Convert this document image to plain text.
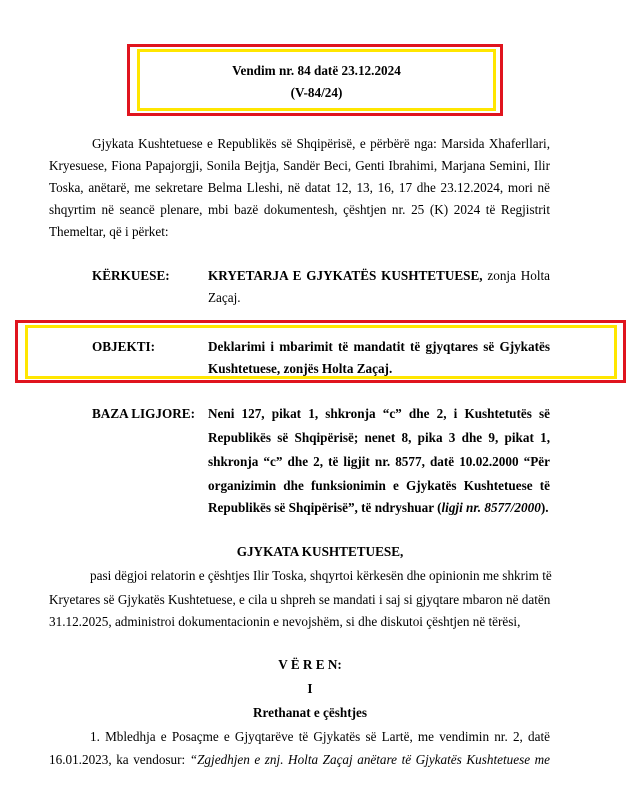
Vendim nr. 84 datë 23.12.2024
(V-84/24)
Gjykata Kushtetuese e Republikës së Shqipërisë, e përbërë nga: Marsida Xhaferllari,
Kryesuese, Fiona Papajorgji, Sonila Bejtja, Sandër Beci, Genti Ibrahimi, Marjana Semini, Ilir
Toska, anëtarë, me sekretare Belma Lleshi, në datat 12, 13, 16, 17 dhe 23.12.2024, mori në
shqyrtim në seancë plenare, mbi bazë dokumentesh, çështjen nr. 25 (K) 2024 të Regjistrit
Themeltar, që i përket:
KËRKUESE:	KRYETARJA E GJYKATËS KUSHTETUESE, zonja Holta
Zaçaj.
OBJEKTI:	Deklarimi i mbarimit të mandatit të gjyqtares së Gjykatës
Kushtetuese, zonjës Holta Zaçaj.
BAZA LIGJORE: Neni 127, pikat 1, shkronja “c” dhe 2, i Kushtetutës së
Republikës së Shqipërisë; nenet 8, pika 3 dhe 9, pikat 1,
shkronja “c” dhe 2, të ligjit nr. 8577, datë 10.02.2000 “Për
organizimin dhe funksionimin e Gjykatës Kushtetuese të
Republikës së Shqipërisë”, të ndryshuar (ligji nr. 8577/2000).
GJYKATA KUSHTETUESE,
pasi dëgjoi relatorin e çështjes Ilir Toska, shqyrtoi kërkesën dhe opinionin me shkrim të
Kryetares së Gjykatës Kushtetuese, e cila u shpreh se mandati i saj si gjyqtare mbaron në datën
31.12.2025, administroi dokumentacionin e nevojshëm, si dhe diskutoi çështjen në tërësi,
V Ë R E N:
I
Rrethanat e çështjes
1. Mbledhja e Posaçme e Gjyqtarëve të Gjykatës së Lartë, me vendimin nr. 2, datë
16.01.2023, ka vendosur: “Zgjedhjen e znj. Holta Zaçaj anëtare të Gjykatës Kushtetuese me
